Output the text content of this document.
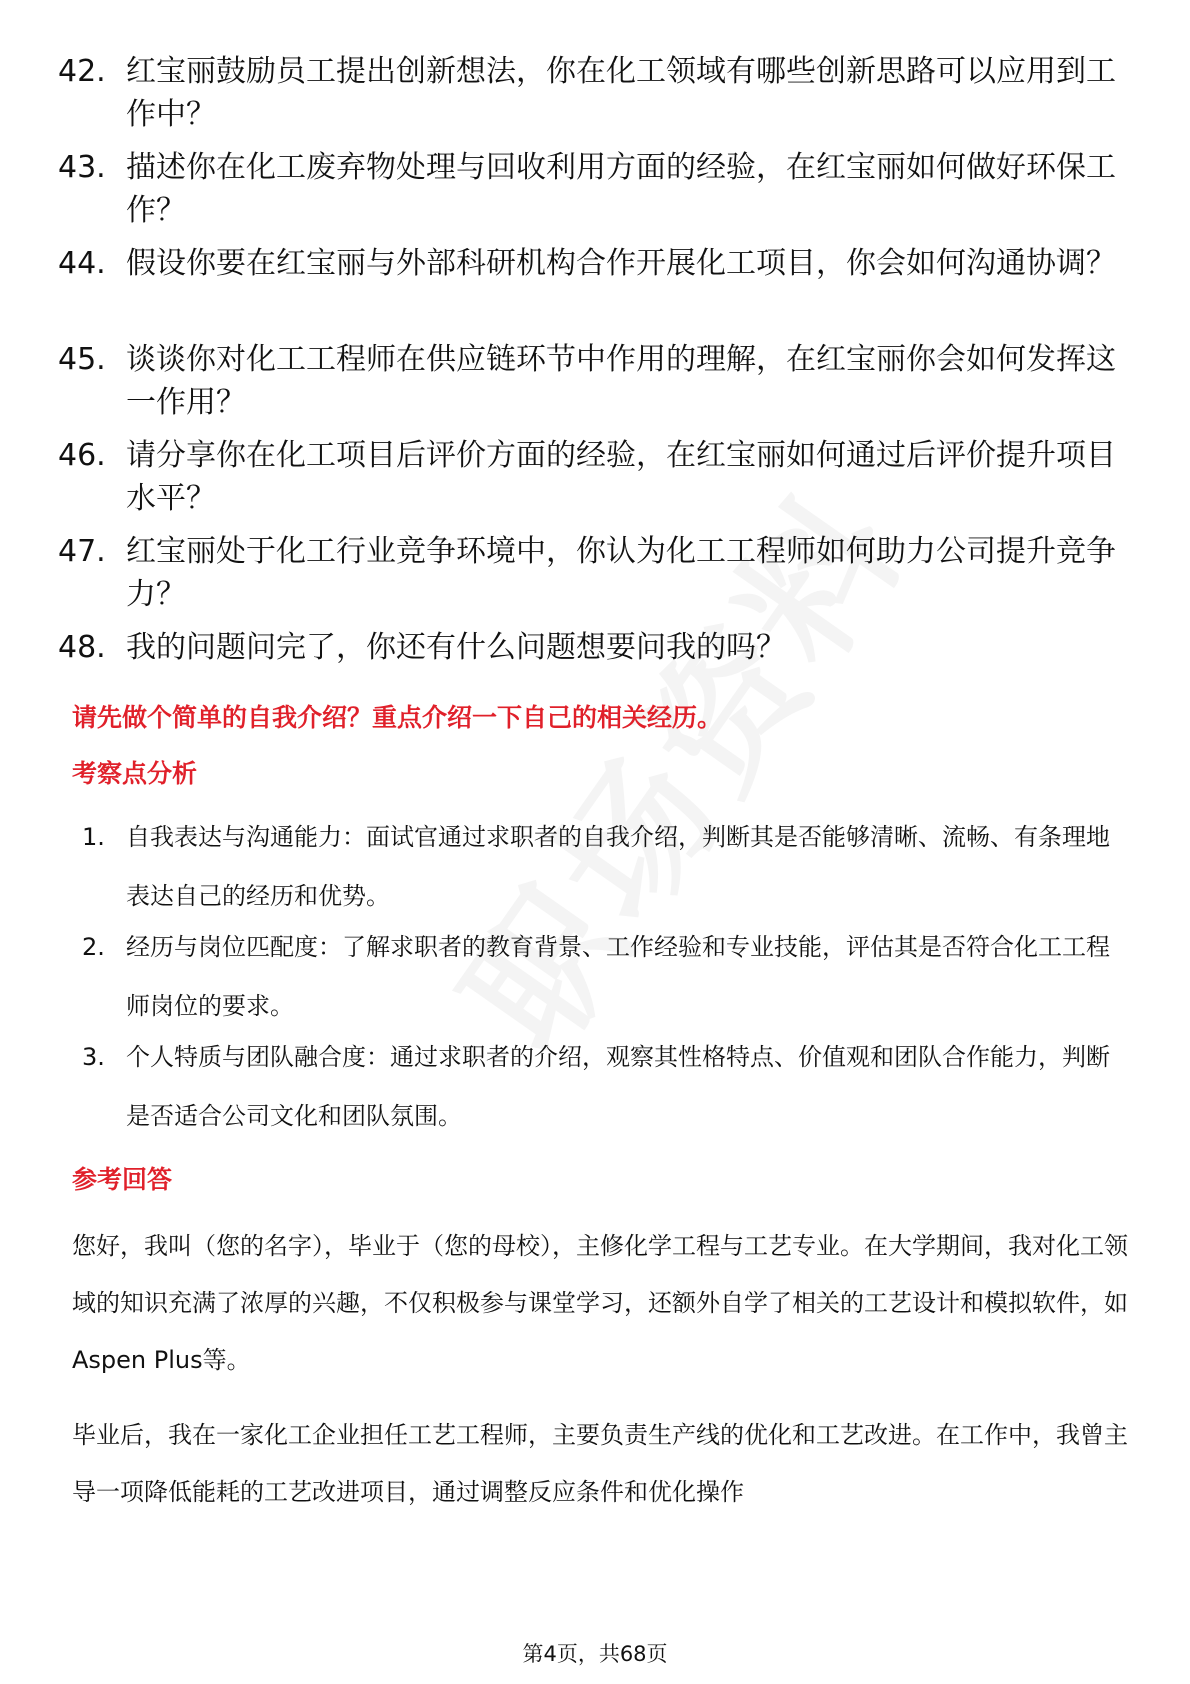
42. 红宝丽鼓励员工提出创新想法，你在化工领域有哪些创新思路可以应用到工作中？
43. 描述你在化工废弃物处理与回收利用方面的经验，在红宝丽如何做好环保工作？
44. 假设你要在红宝丽与外部科研机构合作开展化工项目，你会如何沟通协调？
45. 谈谈你对化工工程师在供应链环节中作用的理解，在红宝丽你会如何发挥这一作用？
46. 请分享你在化工项目后评价方面的经验，在红宝丽如何通过后评价提升项目水平？
47. 红宝丽处于化工行业竞争环境中，你认为化工工程师如何助力公司提升竞争力？
48. 我的问题问完了，你还有什么问题想要问我的吗？
请先做个简单的自我介绍？重点介绍一下自己的相关经历。
考察点分析
1. 自我表达与沟通能力：面试官通过求职者的自我介绍，判断其是否能够清晰、流畅、有条理地表达自己的经历和优势。
2. 经历与岗位匹配度：了解求职者的教育背景、工作经验和专业技能，评估其是否符合化工工程师岗位的要求。
3. 个人特质与团队融合度：通过求职者的介绍，观察其性格特点、价值观和团队合作能力，判断是否适合公司文化和团队氛围。
参考回答
您好，我叫（您的名字），毕业于（您的母校），主修化学工程与工艺专业。在大学期间，我对化工领域的知识充满了浓厚的兴趣，不仅积极参与课堂学习，还额外自学了相关的工艺设计和模拟软件，如Aspen Plus等。
毕业后，我在一家化工企业担任工艺工程师，主要负责生产线的优化和工艺改进。在工作中，我曾主导一项降低能耗的工艺改进项目，通过调整反应条件和优化操作
第4页，共68页
